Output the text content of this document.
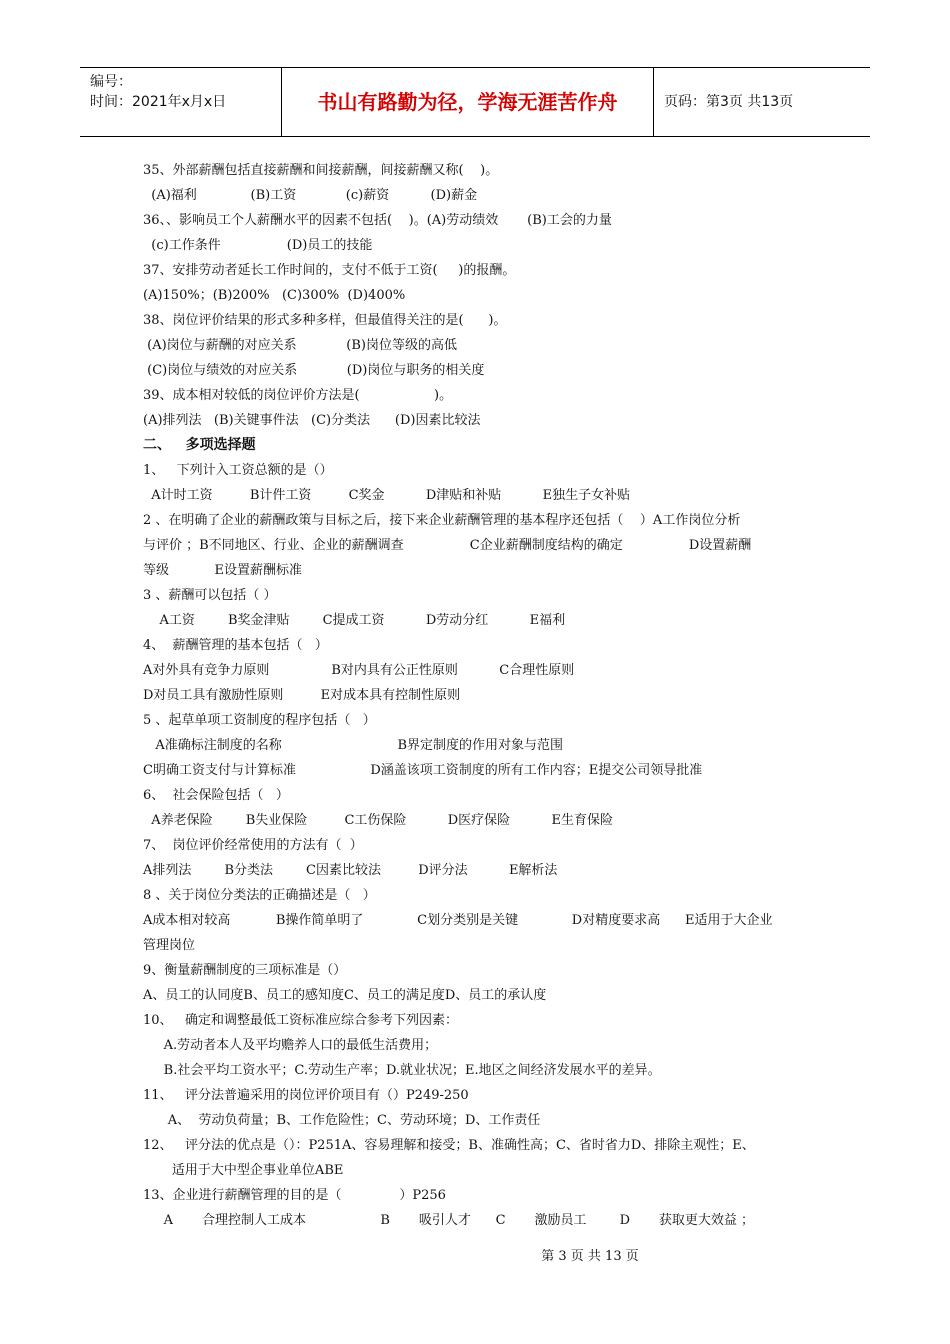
编号：
时间：2021年x月x日	书山有路勤为径，学海无涯苦作舟	页码：第3页 共13页
35、外部薪酬包括直接薪酬和间接薪酬，间接薪酬又称(    )。
(A)福利             (B)工资            (c)薪资          (D)薪金
36、、影响员工个人薪酬水平的因素不包括(    )。(A)劳动绩效       (B)工会的力量
(c)工作条件                (D)员工的技能
37、安排劳动者延长工作时间的，支付不低于工资(     )的报酬。
(A)150%；(B)200%   (C)300%  (D)400%
38、岗位评价结果的形式多种多样，但最值得关注的是(      )。
(A)岗位与薪酬的对应关系            (B)岗位等级的高低
(C)岗位与绩效的对应关系            (D)岗位与职务的相关度
39、成本相对较低的岗位评价方法是(                  )。
(A)排列法   (B)关键事件法   (C)分类法      (D)因素比较法
二、   多项选择题
1、   下列计入工资总额的是（）
A计时工资         B计件工资         C奖金          D津贴和补贴          E独生子女补贴
2 、在明确了企业的薪酬政策与目标之后，接下来企业薪酬管理的基本程序还包括（    ）A工作岗位分析
与评价 ；B不同地区、行业、企业的薪酬调查                C企业薪酬制度结构的确定                D设置薪酬
等级           E设置薪酬标准
3 、薪酬可以包括（ ）
A工资        B奖金津贴        C提成工资          D劳动分红          E福利
4、  薪酬管理的基本包括（   ）
A对外具有竞争力原则               B对内具有公正性原则          C合理性原则
D对员工具有激励性原则         E对成本具有控制性原则
5 、起草单项工资制度的程序包括（   ）
A准确标注制度的名称                            B界定制度的作用对象与范围
C明确工资支付与计算标准                  D涵盖该项工资制度的所有工作内容；E提交公司领导批准
6、  社会保险包括（   ）
A养老保险        B失业保险         C工伤保险          D医疗保险          E生育保险
7、  岗位评价经常使用的方法有（  ）
A排列法        B分类法        C因素比较法         D评分法          E解析法
8 、关于岗位分类法的正确描述是（   ）
A成本相对较高           B操作简单明了             C划分类别是关键             D对精度要求高      E适用于大企业
管理岗位
9、衡量薪酬制度的三项标准是（）
A、员工的认同度B、员工的感知度C、员工的满足度D、员工的承认度
10、   确定和调整最低工资标准应综合参考下列因素：
A.劳动者本人及平均赡养人口的最低生活费用；
B.社会平均工资水平；C.劳动生产率；D.就业状况；E.地区之间经济发展水平的差异。
11、   评分法普遍采用的岗位评价项目有（）P249-250
A、  劳动负荷量；B、工作危险性；C、劳动环境；D、工作责任
12、   评分法的优点是（）：P251A、容易理解和接受；B、准确性高；C、省时省力D、排除主观性；E、
适用于大中型企事业单位ABE
13、企业进行薪酬管理的目的是（              ）P256
A       合理控制人工成本                  B       吸引人才      C       激励员工        D       获取更大效益 ；
第 3 页 共 13 页
